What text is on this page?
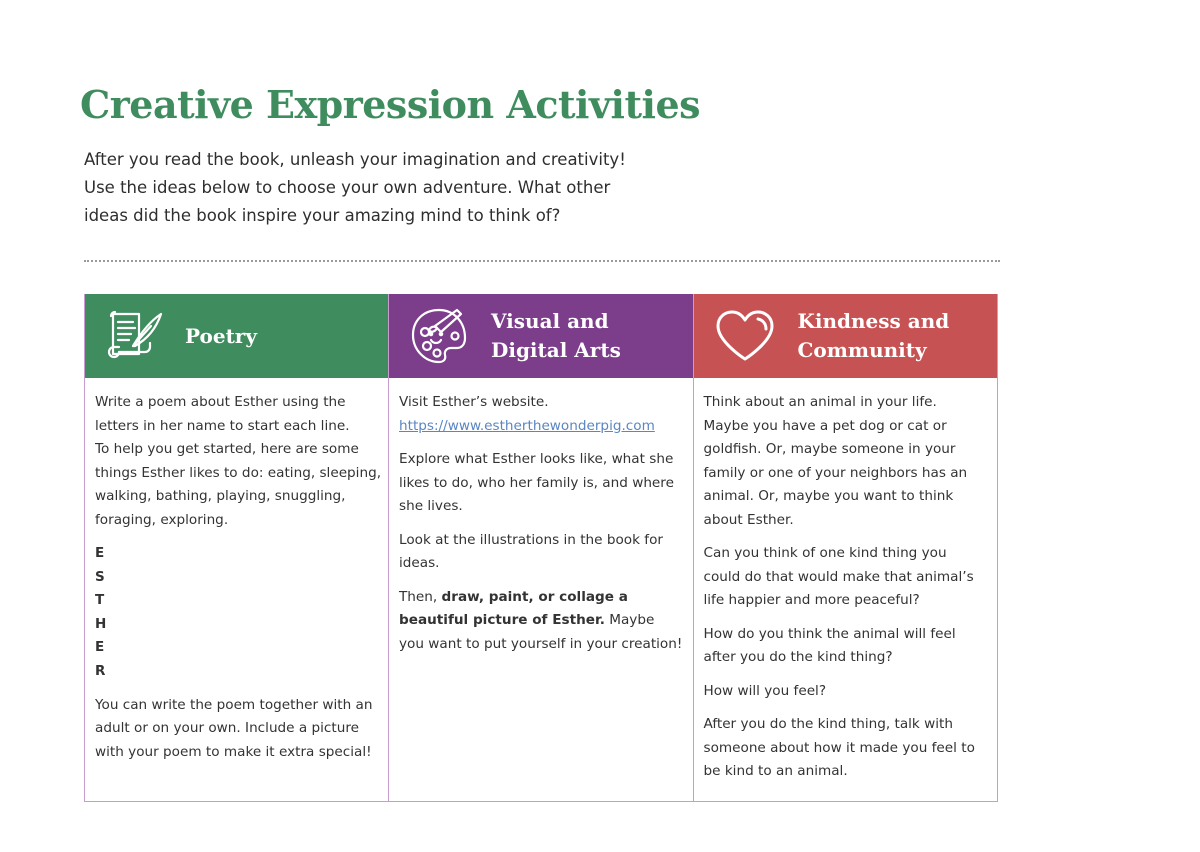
Creative Expression Activities
After you read the book, unleash your imagination and creativity!
Use the ideas below to choose your own adventure. What other
ideas did the book inspire your amazing mind to think of?
Poetry

Write a poem about Esther using the
letters in her name to start each line.
To help you get started, here are some
things Esther likes to do: eating, sleeping,
walking, bathing, playing, snuggling,
foraging, exploring.

E
S
T
H
E
R

You can write the poem together with an
adult or on your own. Include a picture
with your poem to make it extra special!

Visual and
Digital Arts

Visit Esther’s website.
https://www.estherthewonderpig.com

Explore what Esther looks like, what she
likes to do, who her family is, and where
she lives.

Look at the illustrations in the book for
ideas.

Then, draw, paint, or collage a
beautiful picture of Esther. Maybe
you want to put yourself in your creation!

Kindness and
Community

Think about an animal in your life.
Maybe you have a pet dog or cat or
goldfish. Or, maybe someone in your
family or one of your neighbors has an
animal. Or, maybe you want to think
about Esther.

Can you think of one kind thing you
could do that would make that animal’s
life happier and more peaceful?

How do you think the animal will feel
after you do the kind thing?

How will you feel?

After you do the kind thing, talk with
someone about how it made you feel to
be kind to an animal.
